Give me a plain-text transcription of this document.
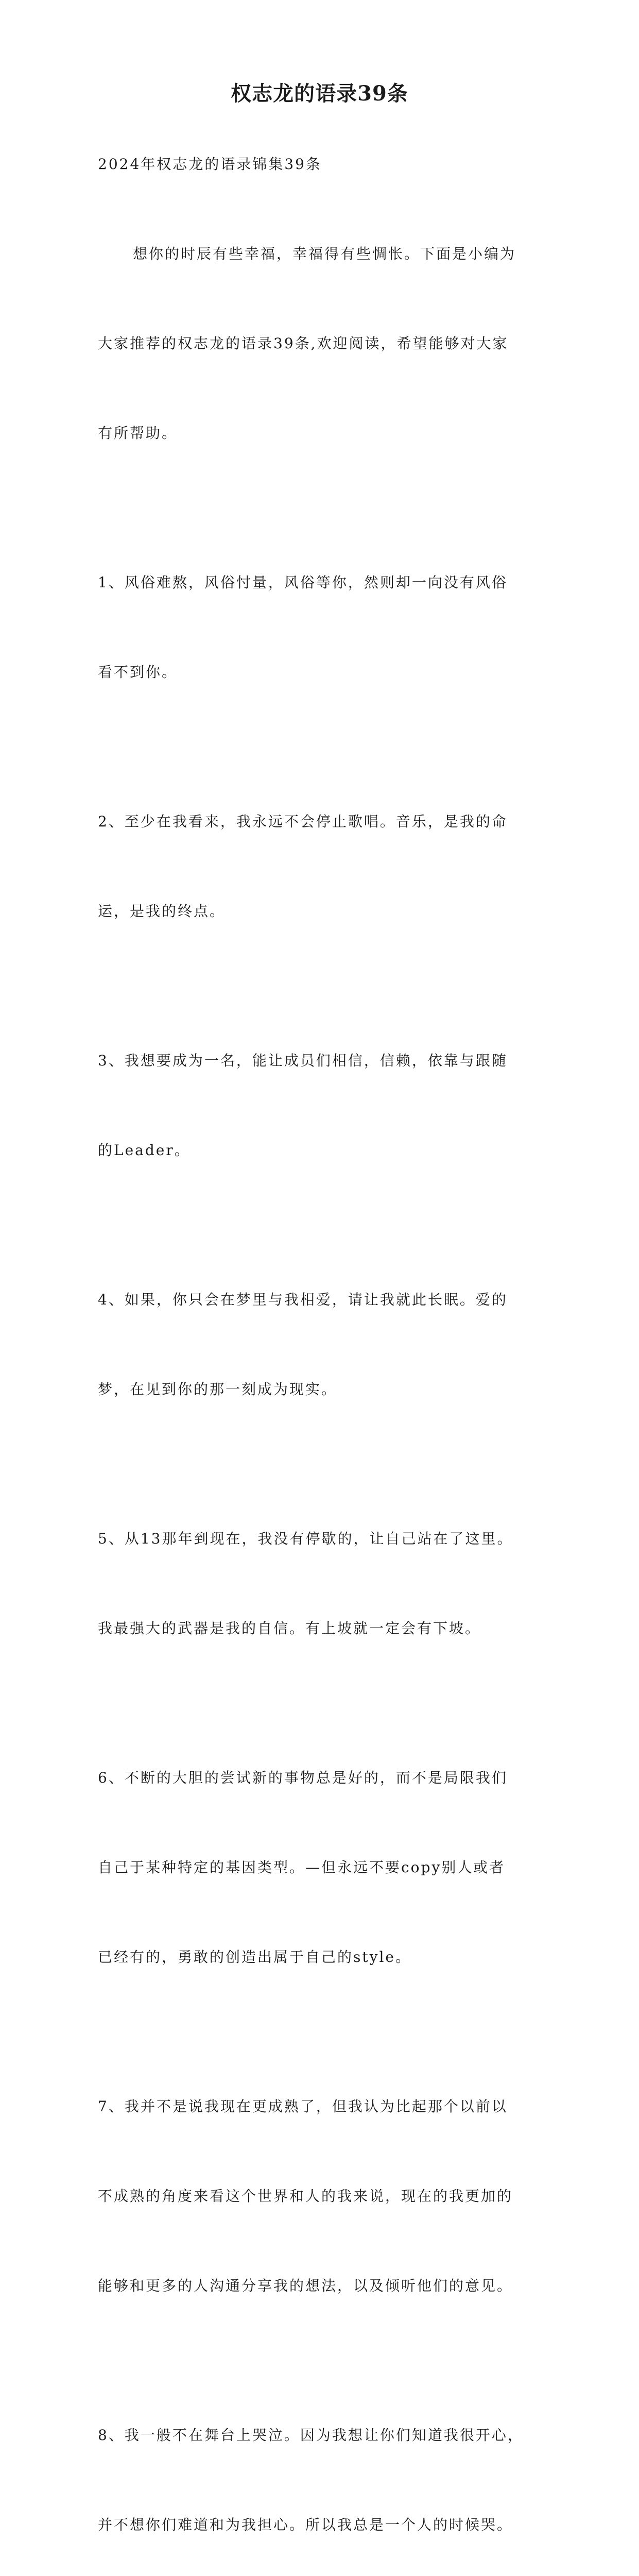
权志龙的语录39条

2024年权志龙的语录锦集39条

想你的时辰有些幸福，幸福得有些惆怅。下面是小编为

大家推荐的权志龙的语录39条,欢迎阅读，希望能够对大家

有所帮助。

1、风俗难熬，风俗忖量，风俗等你，然则却一向没有风俗

看不到你。

2、至少在我看来，我永远不会停止歌唱。音乐，是我的命

运，是我的终点。

3、我想要成为一名，能让成员们相信，信赖，依靠与跟随

的Leader。

4、如果，你只会在梦里与我相爱，请让我就此长眠。爱的

梦，在见到你的那一刻成为现实。

5、从13那年到现在，我没有停歇的，让自己站在了这里。

我最强大的武器是我的自信。有上坡就一定会有下坡。

6、不断的大胆的尝试新的事物总是好的，而不是局限我们

自己于某种特定的基因类型。—但永远不要copy别人或者

已经有的，勇敢的创造出属于自己的style。

7、我并不是说我现在更成熟了，但我认为比起那个以前以

不成熟的角度来看这个世界和人的我来说，现在的我更加的

能够和更多的人沟通分享我的想法，以及倾听他们的意见。

8、我一般不在舞台上哭泣。因为我想让你们知道我很开心，

并不想你们难道和为我担心。所以我总是一个人的时候哭。
